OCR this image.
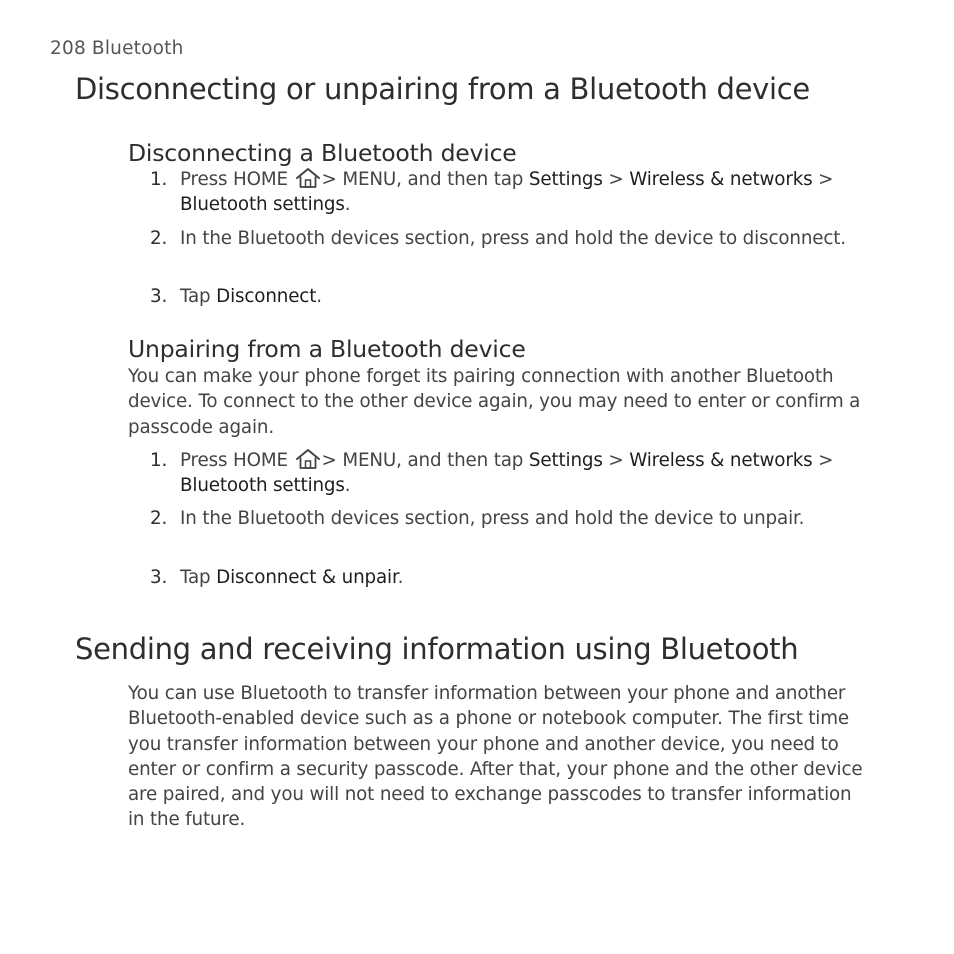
208 Bluetooth
Disconnecting or unpairing from a Bluetooth device
Disconnecting a Bluetooth device
1. Press HOME
> MENU, and then tap Settings > Wireless & networks > Bluetooth settings.
2. In the Bluetooth devices section, press and hold the device to disconnect.
3. Tap Disconnect.
Unpairing from a Bluetooth device

You can make your phone forget its pairing connection with another Bluetooth device. To connect to the other device again, you may need to enter or confirm a passcode again.

1. Press HOME
> MENU, and then tap Settings > Wireless & networks > Bluetooth settings.
2. In the Bluetooth devices section, press and hold the device to unpair.
3. Tap Disconnect & unpair.
Sending and receiving information using Bluetooth

You can use Bluetooth to transfer information between your phone and another Bluetooth-enabled device such as a phone or notebook computer. The first time you transfer information between your phone and another device, you need to enter or confirm a security passcode. After that, your phone and the other device are paired, and you will not need to exchange passcodes to transfer information in the future.
